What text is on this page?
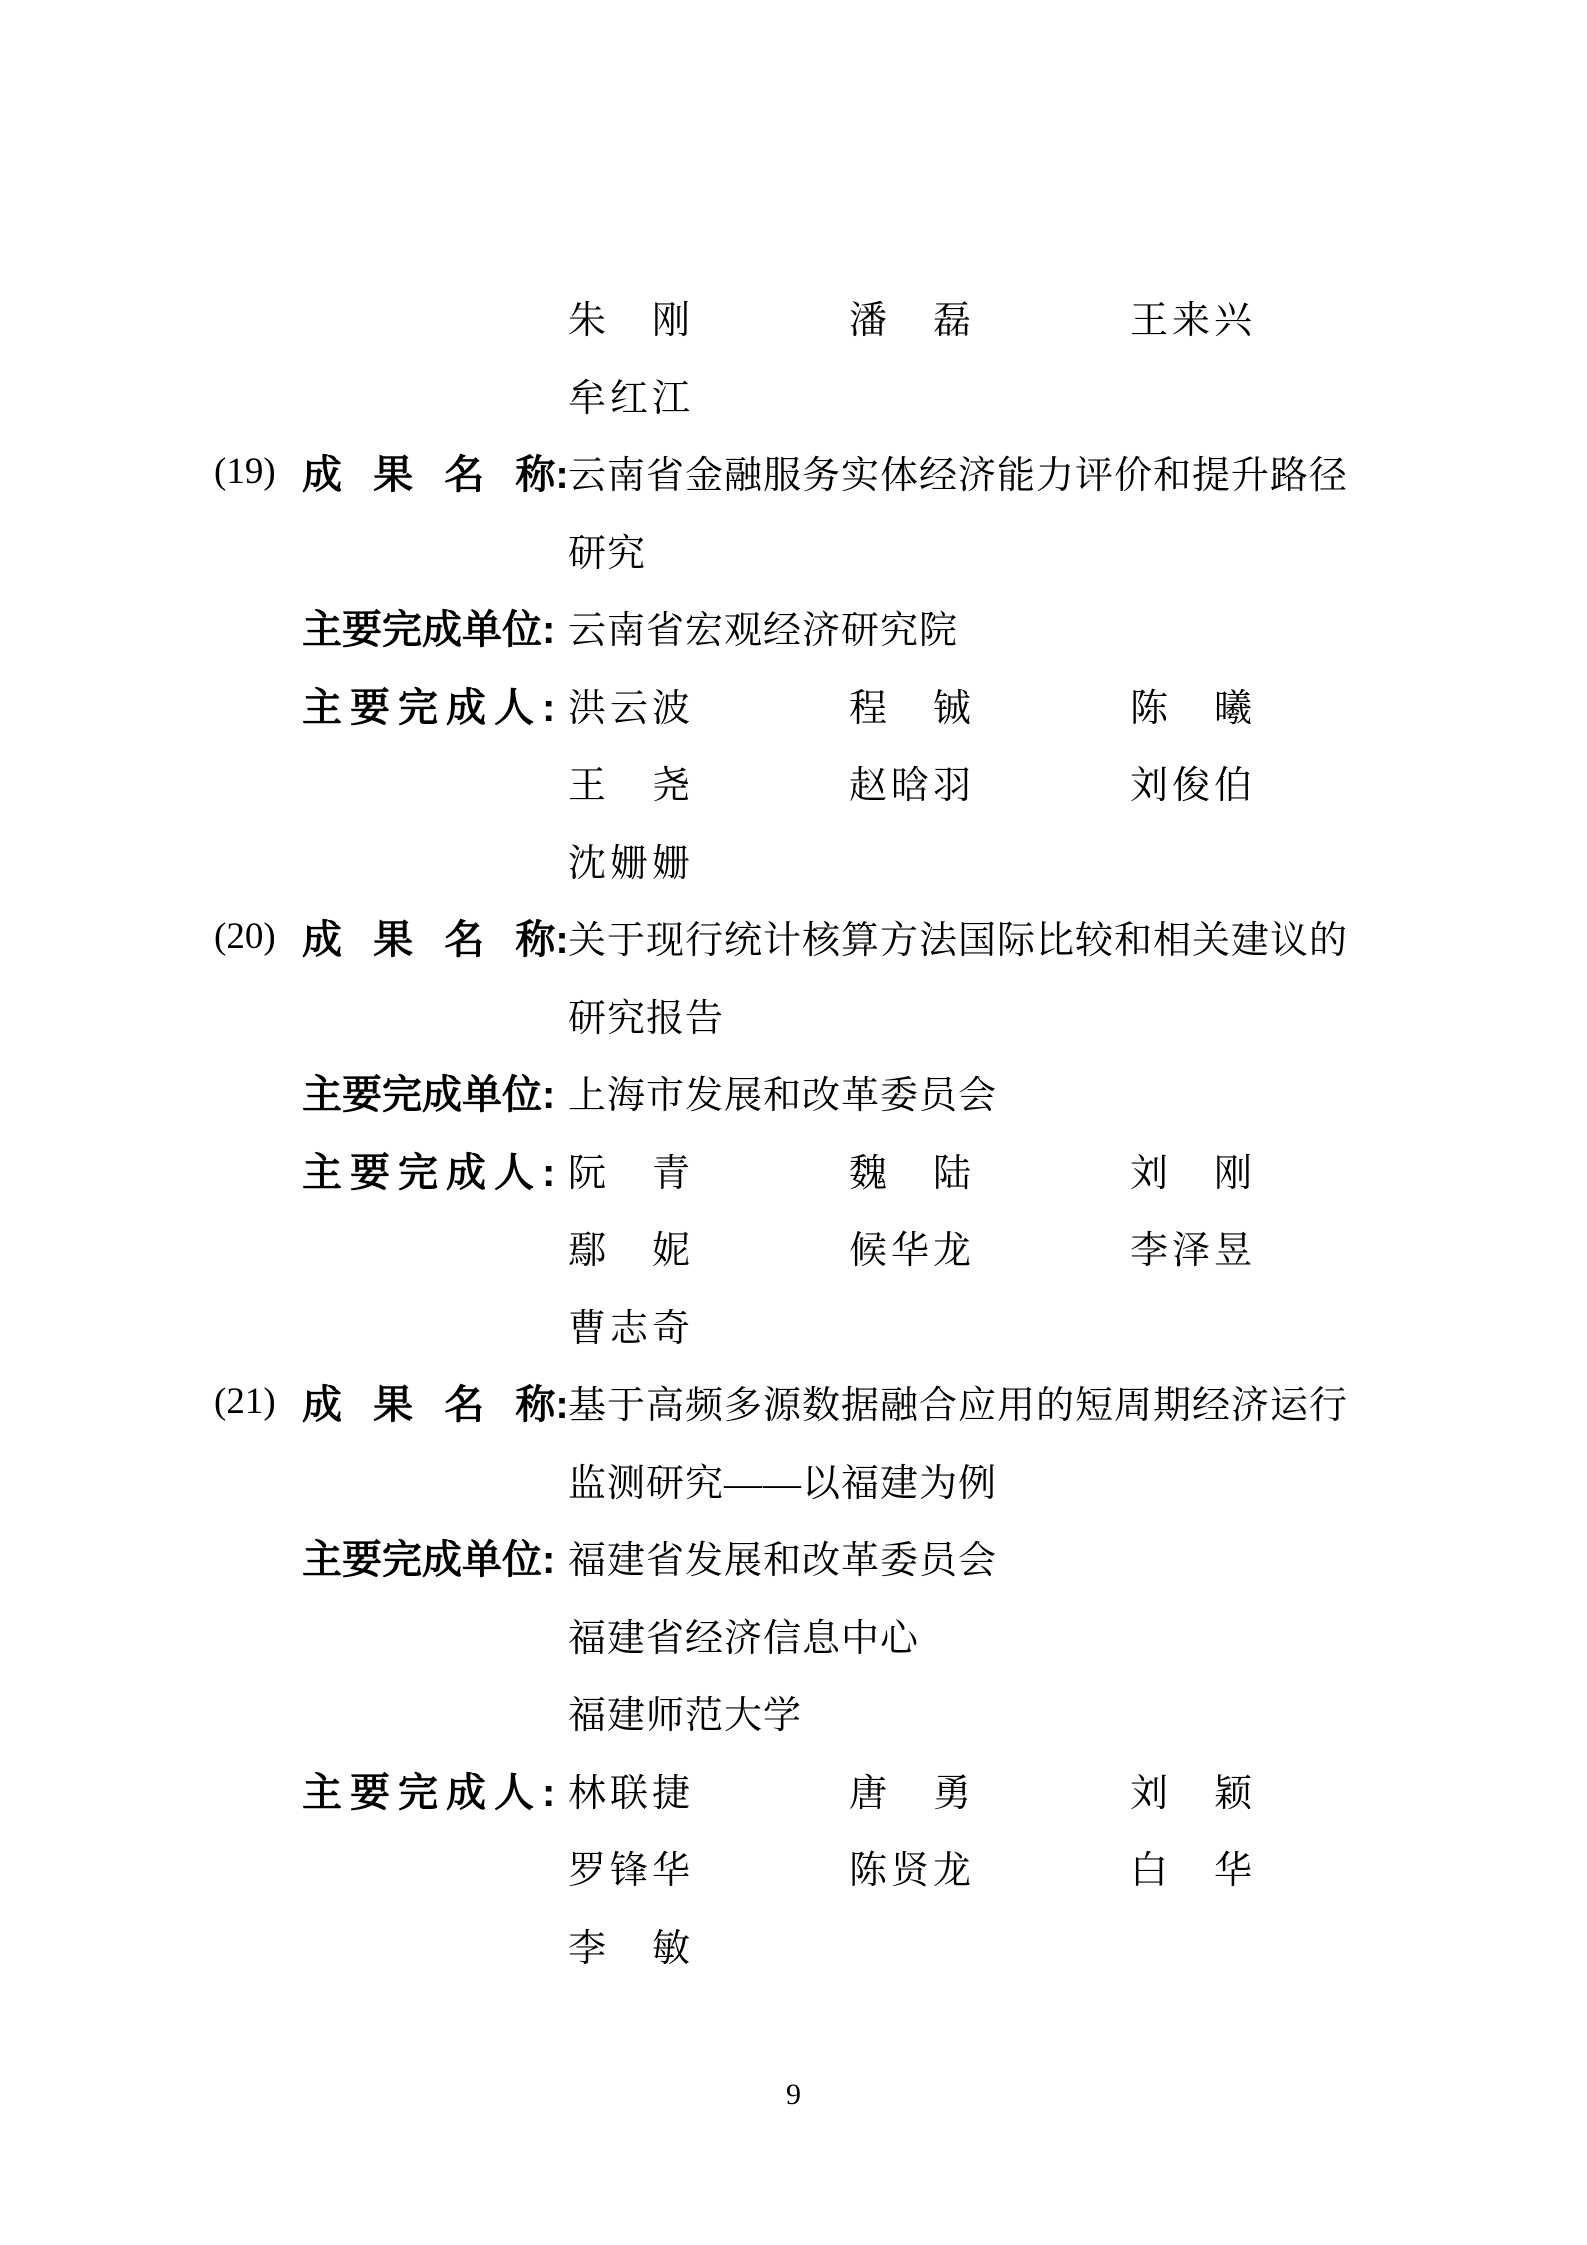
朱　刚	潘　磊	王来兴
牟红江
(19) 成 果 名 称: 云南省金融服务实体经济能力评价和提升路径
研究
主要完成单位: 云南省宏观经济研究院
主要完成人: 洪云波	程　铖	陈　曦
王　尧	赵晗羽	刘俊伯
沈姗姗
(20) 成 果 名 称: 关于现行统计核算方法国际比较和相关建议的
研究报告
主要完成单位: 上海市发展和改革委员会
主要完成人: 阮　青	魏　陆	刘　刚
鄢　妮	候华龙	李泽昱
曹志奇
(21) 成 果 名 称: 基于高频多源数据融合应用的短周期经济运行
监测研究——以福建为例
主要完成单位: 福建省发展和改革委员会
福建省经济信息中心
福建师范大学
主要完成人: 林联捷	唐　勇	刘　颖
罗锋华	陈贤龙	白　华
李　敏
9
